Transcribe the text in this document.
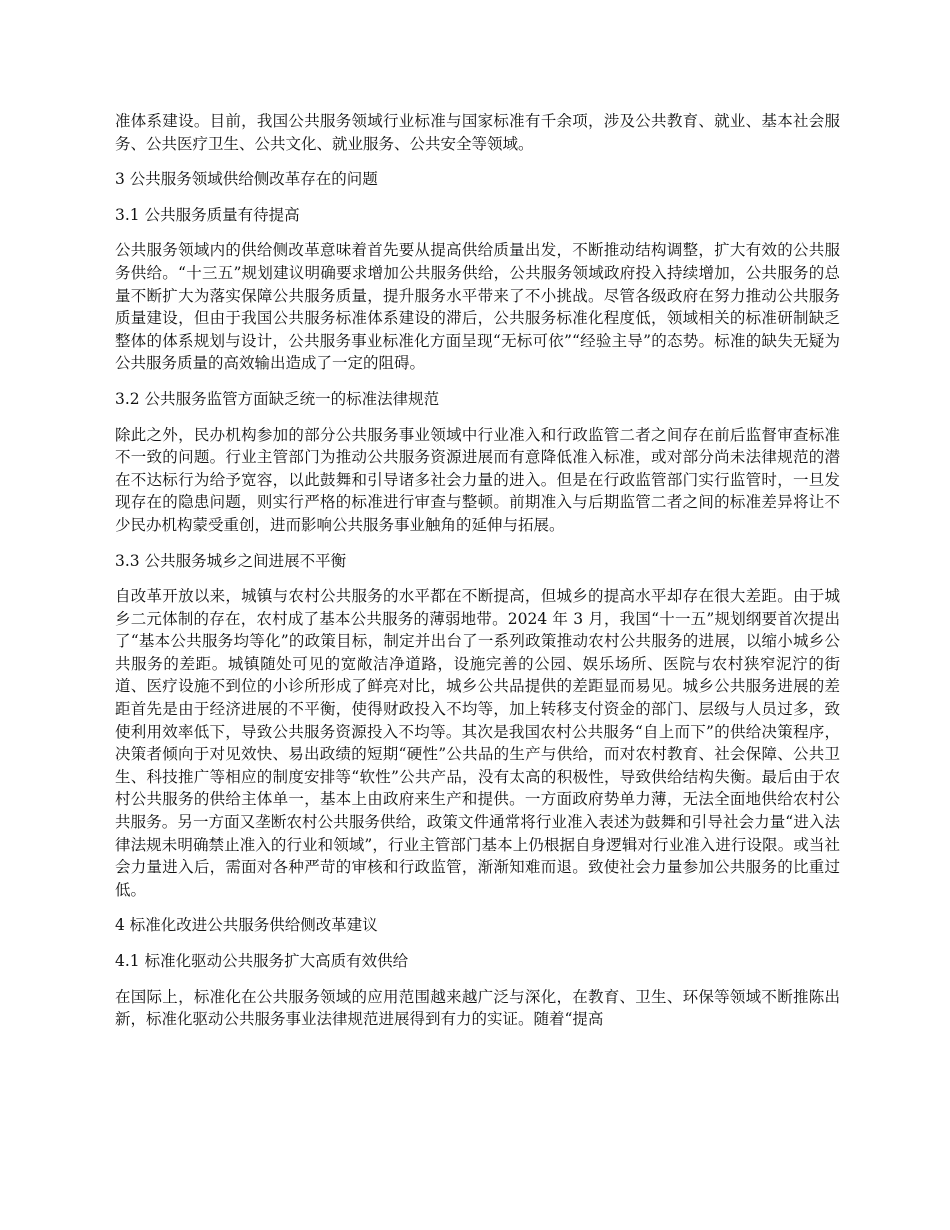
准体系建设。目前，我国公共服务领域行业标准与国家标准有千余项，涉及公共教育、就业、基本社会服务、公共医疗卫生、公共文化、就业服务、公共安全等领域。

3 公共服务领域供给侧改革存在的问题
3.1 公共服务质量有待提高

公共服务领域内的供给侧改革意味着首先要从提高供给质量出发，不断推动结构调整，扩大有效的公共服务供给。“十三五”规划建议明确要求增加公共服务供给，公共服务领域政府投入持续增加，公共服务的总量不断扩大为落实保障公共服务质量，提升服务水平带来了不小挑战。尽管各级政府在努力推动公共服务质量建设，但由于我国公共服务标准体系建设的滞后，公共服务标准化程度低，领域相关的标准研制缺乏整体的体系规划与设计，公共服务事业标准化方面呈现“无标可依”“经验主导”的态势。标准的缺失无疑为公共服务质量的高效输出造成了一定的阻碍。

3.2 公共服务监管方面缺乏统一的标准法律规范

除此之外，民办机构参加的部分公共服务事业领域中行业准入和行政监管二者之间存在前后监督审查标准不一致的问题。行业主管部门为推动公共服务资源进展而有意降低准入标准，或对部分尚未法律规范的潜在不达标行为给予宽容，以此鼓舞和引导诸多社会力量的进入。但是在行政监管部门实行监管时，一旦发现存在的隐患问题，则实行严格的标准进行审查与整顿。前期准入与后期监管二者之间的标准差异将让不少民办机构蒙受重创，进而影响公共服务事业触角的延伸与拓展。

3.3 公共服务城乡之间进展不平衡

自改革开放以来，城镇与农村公共服务的水平都在不断提高，但城乡的提高水平却存在很大差距。由于城乡二元体制的存在，农村成了基本公共服务的薄弱地带。2024 年 3 月，我国“十一五”规划纲要首次提出了“基本公共服务均等化”的政策目标，制定并出台了一系列政策推动农村公共服务的进展，以缩小城乡公共服务的差距。城镇随处可见的宽敞洁净道路，设施完善的公园、娱乐场所、医院与农村狭窄泥泞的街道、医疗设施不到位的小诊所形成了鲜亮对比，城乡公共品提供的差距显而易见。城乡公共服务进展的差距首先是由于经济进展的不平衡，使得财政投入不均等，加上转移支付资金的部门、层级与人员过多，致使利用效率低下，导致公共服务资源投入不均等。其次是我国农村公共服务“自上而下”的供给决策程序，决策者倾向于对见效快、易出政绩的短期“硬性”公共品的生产与供给，而对农村教育、社会保障、公共卫生、科技推广等相应的制度安排等“软性”公共产品，没有太高的积极性，导致供给结构失衡。最后由于农村公共服务的供给主体单一，基本上由政府来生产和提供。一方面政府势单力薄，无法全面地供给农村公共服务。另一方面又垄断农村公共服务供给，政策文件通常将行业准入表述为鼓舞和引导社会力量“进入法律法规未明确禁止准入的行业和领域”，行业主管部门基本上仍根据自身逻辑对行业准入进行设限。或当社会力量进入后，需面对各种严苛的审核和行政监管，渐渐知难而退。致使社会力量参加公共服务的比重过低。

4 标准化改进公共服务供给侧改革建议
4.1 标准化驱动公共服务扩大高质有效供给

在国际上，标准化在公共服务领域的应用范围越来越广泛与深化，在教育、卫生、环保等领域不断推陈出新，标准化驱动公共服务事业法律规范进展得到有力的实证。随着“提高
